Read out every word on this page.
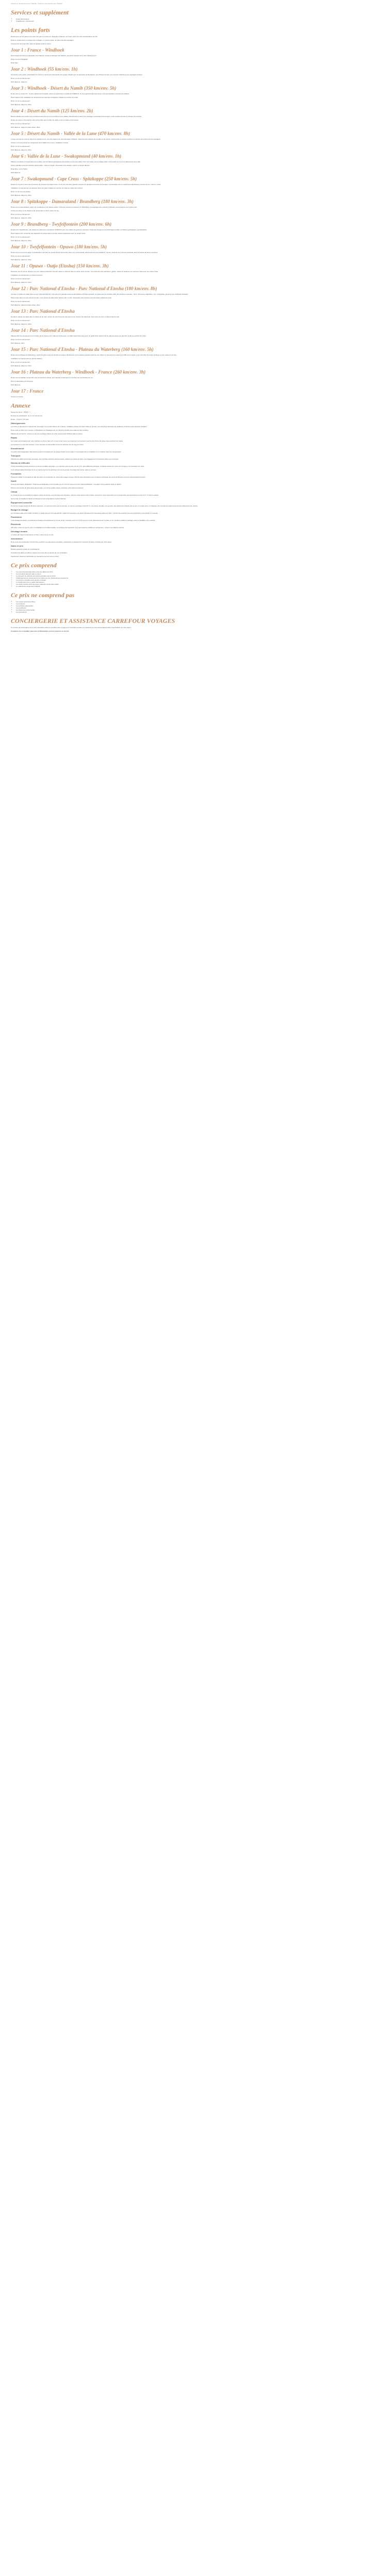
Circuits en campement pour l'Islande › Circuit en campement pour l'Islande
Services et supplément
• Guide francophone
• Chauffeur(s) / campement
Les points forts

Randonnée sur les glaciers au cœur des parcs et réserves naturelles d'Islande, au fil des routes les plus spectaculaires de l'île.

Nuits en campement ou refuges de montagne, en pleine nature, au plus près des paysages.

Une journée de temps libre dans la capitale avant le retour.

Jour 1 : France - Windhoek

Envol depuis la France à destination de l'Islande. Arrivée à l'aéroport de Keflavík, accueil et transfert vers votre hébergement.

Dîner et nuit à Reykjavik.

Dîner libre

Jour 2 : Windhoek (55 km/env. 1h)

Accueil de votre guide, présentation du circuit et remise des documents de voyage. Départ pour la péninsule de Reykjanes, ses champs de lave, ses sources chaudes et ses paysages lunaires.

Dîner et nuit au campement.

Petit déjeuner, déjeuner

Jour 3 : Windhoek - Désert du Namib (350 km/env. 5h)

Route pour le cercle d'or : le parc national de Þingvellir, classé au patrimoine mondial de l'UNESCO, la zone géothermique de Geysir et la spectaculaire cascade de Gullfoss.

Dans l'après-midi, installation au campement au pied des montagnes, balade au coucher du soleil.

Dîner et nuit au campement.

Petit déjeuner, déjeuner, dîner

Jour 4 : Désert du Namib (125 km/env. 2h)

Réveil matinal pour profiter des premières lueurs du jour sur les dunes et les vallées. Randonnée à travers les paysages volcaniques de la région, entre coulées de lave et champs de mousse.

Retour au camp en fin d'après-midi, temps libre pour profiter du calme et de la nature environnante.

Dîner et nuit au campement.

Petit déjeuner, déjeuner pique-nique, dîner

Jour 5 : Désert du Namib - Vallée de la Lune (470 km/env. 8h)

Longue journée de route à travers les hautes terres, une des régions les plus sauvages d'Islande. Traversée des déserts de cendres et de pierres, arrêts photo et petites marches en chemin pour découvrir les paysages.

Arrivée en fin de journée au campement de la Vallée de la Lune, installation et dîner.

Dîner et nuit au campement.

Petit déjeuner, déjeuner, dîner

Jour 6 : Vallée de la Lune - Swakopmund (40 km/env. 1h)

Matinée consacrée à l'exploration de la vallée, ses formations géologiques étonnantes et ses fumerolles. Puis court trajet vers le village côtier, promenade sur le port et découverte de la ville.

Après-midi libre pour des activités optionnelles : sortie en kayak, observation des oiseaux marins ou simple flânerie.

Dîner libre, nuit à l'hôtel.

Petit déjeuner

Jour 7 : Swakopmund - Cape Cross - Spitzkoppe (250 km/env. 5h)

Départ le long de la côte vers la réserve de phoques de Cape Cross, où vit l'une des plus grandes colonies de phoques à fourrure de la région. Continuation vers le massif de la Spitzkoppe, surnommé le « Cervin » local.

Installation du campement au pied des blocs de granit, balade au coucher du soleil au milieu des rochers.

Dîner et nuit sous les étoiles.

Petit déjeuner, déjeuner, dîner

Jour 8 : Spitzkoppe - Damaraland / Brandberg (180 km/env. 3h)

Route vers le Damaraland, région de montagnes et de plaines arides. Visite des peintures rupestres du Brandberg, témoignages des premiers habitants, accompagnés d'un guide local.

Arrivée au camp en fin d'après-midi, temps libre et dîner autour du feu.

Dîner et nuit au campement.

Petit déjeuner, déjeuner, dîner

Jour 9 : Brandberg - Twyfelfontein (200 km/env. 6h)

Départ vers Twyfelfontein, site classé au patrimoine mondial de l'UNESCO pour ses milliers de gravures rupestres. Visite des Orgues et de la Montagne brûlée, formations géologiques spectaculaires.

Dans l'après-midi, recherche des éléphants du désert dans le lit des rivières asséchées avec un pisteur local.

Dîner et nuit au campement.

Petit déjeuner, déjeuner, dîner

Jour 10 : Twyfelfontein - Opuwo (180 km/env. 5h)

Route vers le nord et la région du Kaokoland, territoire du peuple Himba. Rencontre avec une communauté, découverte de leurs traditions, de leur mode de vie et de leur artisanat, dans le respect de leurs coutumes.

Dîner et nuit au campement.

Petit déjeuner, déjeuner, dîner

Jour 11 : Opuwo - Outjo (Etosha) (150 km/env. 3h)

Descente vers le sud en direction du parc national d'Etosha. Premier safari en véhicule dans la partie ouest du parc, à la recherche des éléphants, girafes, zèbres et antilopes qui viennent s'abreuver aux points d'eau.

Installation au campement en bordure du parc.

Dîner et nuit au campement.

Petit déjeuner, déjeuner, dîner

Jour 12 : Parc National d'Etosha - Parc National d'Etosha (180 km/env. 8h)

Journée complète de safari dans le parc national d'Etosha, l'une des plus grandes réserves animalières d'Afrique australe. Le grand pan de sel blanc attire de nombreux animaux : lions, rhinocéros, éléphants, oryx, springboks, gnous et une multitude d'oiseaux.

Pique-nique dans l'un des camps du parc, puis reprise du safari dans l'après-midi. Le soir, observation des animaux au point d'eau éclairé du camp.

Dîner et nuit au campement.

Petit déjeuner, déjeuner pique-nique, dîner

Jour 13 : Parc National d'Etosha

Dernière matinée de safari dans la partie est du parc, autour du point d'eau de Namutoni et de l'ancien fort allemand, puis sortie du parc en début d'après-midi.

Dîner et nuit au campement.

Petit déjeuner, déjeuner, dîner

Jour 14 : Parc National d'Etosha

Matinée libre au campement pour profiter de la piscine et du calme de la brousse, ou safari optionnel à pied avec un guide local. Après-midi de détente avant une dernière sortie au coucher du soleil.

Dîner et nuit au campement.

Petit déjeuner, dîner

Jour 15 : Parc National d'Etosha - Plateau du Waterberg (160 km/env. 5h)

Route vers le Plateau du Waterberg, massif de grès rouge qui domine la savane. Randonnée sur le plateau jusqu'au point de vue offrant un panorama à couper le souffle sur la région, à la recherche des rares antilopes et des vautours du Cap.

Installation au campement au pied du plateau.

Dîner et nuit au campement.

Petit déjeuner, déjeuner, dîner

Jour 16 : Plateau du Waterberg - Windhoek - France (260 km/env. 3h)

Route vers la capitale, temps libre pour les derniers achats, puis transfert à l'aéroport en fonction de vos horaires de vol.

Envol à destination de la France.

Petit déjeuner

Jour 17 : France

Arrivée en France.

Annexe

Niveau du circuit : ★★★☆☆

Nombre de participants : de 4 à 12 personnes.

Durée : 17 jours / 15 nuits.

Hébergements

Les nuits se déroulent en campement aménagé, sous tentes dômes de 2 places, installées chaque soir avec l'aide du groupe. Les campings disposent de sanitaires communs avec douches chaudes.

Deux nuits en hôtel sont prévues, à Windhoek et à Swakopmund, en chambre double avec salle de bain privative.

Matelas de sol fournis ; prévoir un sac de couchage chaud, les nuits peuvent être fraîches dans le désert.

Repas

Les repas sont préparés par votre cuisinier et pris en plein air ou sous tente mess. Les déjeuners sont souvent servis sous forme de pique-nique pendant les trajets.

Les boissons ne sont pas incluses. L'eau minérale est disponible à bord du véhicule tout au long du circuit.

Encadrement

Un guide accompagnateur francophone assure l'encadrement du groupe durant tout le séjour. Il est épaulé par un chauffeur et un cuisinier dans les campements.

Transport

Véhicule de safari tout-terrain aménagé, avec grandes fenêtres panoramiques, adapté aux pistes du pays. Les bagages sont transportés dans une remorque.

Niveau de difficulté

Circuit accessible à toute personne en bonne condition physique. Les marches sont courtes, de 1h à 3h, sans difficulté technique. Certaines étapes de route sont longues et se déroulent sur piste.

Il est indispensable d'accepter la vie en campement et de participer à la vie du groupe (montage des tentes, aide au service).

Formalités

Passeport valide 6 mois après la date de retour et comportant au moins deux pages vierges. Pas de visa nécessaire pour un séjour touristique de moins de 90 jours pour les ressortissants français.

Santé

Aucune vaccination obligatoire. Traitement antipaludéen recommandé pour le nord du pays et le parc national d'Etosha : consultez votre médecin avant le départ.

Prévoir une trousse de pharmacie personnelle, une crème solaire haute protection et de l'anti-moustiques.

Climat

Le climat est sec et ensoleillé la majeure partie de l'année. Les journées sont chaudes, mais les nuits peuvent être froides, surtout de mai à septembre où la température peut descendre proche de 0 °C dans le désert.

Sur la côte, le brouillard matinal est fréquent et les températures restent fraîches.

Équipement conseillé

Un sac de voyage souple de 60 litres maximum, un petit sac à dos pour la journée, un sac de couchage confort 0 °C, une lampe frontale, une gourde, des vêtements chauds pour le soir, un coupe-vent, un chapeau, des lunettes de soleil et de bonnes chaussures de marche.

Budget et change

La monnaie locale est le dollar namibien, à parité avec le rand sud-africain, également accepté. Les cartes bancaires sont acceptées dans les villes ; prévoir des espèces pour les pourboires et les achats en brousse.

Pourboires

Il est d'usage de laisser un pourboire à l'équipe d'encadrement en fin de circuit. Comptez environ 3 à 5 € par jour et par participant pour le guide, et un montant similaire à partager entre le chauffeur et le cuisinier.

Électricité

220 volts, prises de type D et M. Un adaptateur est indispensable. La recharge des appareils n'est pas toujours possible en campement : prévoir une batterie externe.

Décalage horaire

+1 heure par rapport à la France en hiver, même heure en été.

Assurances

Nous vous recommandons vivement de souscrire une assurance annulation, assistance et rapatriement couvrant la durée complète de votre séjour.

Dates et prix

Départs garantis à partir de 4 participants.

Consultez les dates et tarifs en vigueur sur notre site ou auprès de nos conseillers.

Supplément chambre individuelle sur demande pour les nuits en hôtel.

Ce prix comprend
• Les vols internationaux aller-retour au départ de Paris
• Les transferts aéroport aller et retour
• Le transport en véhicule tout-terrain pendant tout le circuit
• L'hébergement en campement et en hôtel comme mentionné au programme
• La pension complète sauf mention contraire
• L'encadrement par un guide francophone
• Les droits d'entrée dans les parcs nationaux et les sites visités
• Le matériel de campement collectif
Ce prix ne comprend pas
• Les repas mentionnés libres
• Les boissons
• Les activités optionnelles
• Les pourboires
• Les dépenses personnelles
• Les assurances
CONCIERGERIE ET ASSISTANCE CARREFOUR VOYAGES

Un service de conciergerie est à votre disposition avant et pendant votre voyage pour répondre à toutes vos questions et vous accompagner dans l'organisation de votre séjour.

Contactez nos conseillers pour plus d'informations ou pour réserver ce circuit.
